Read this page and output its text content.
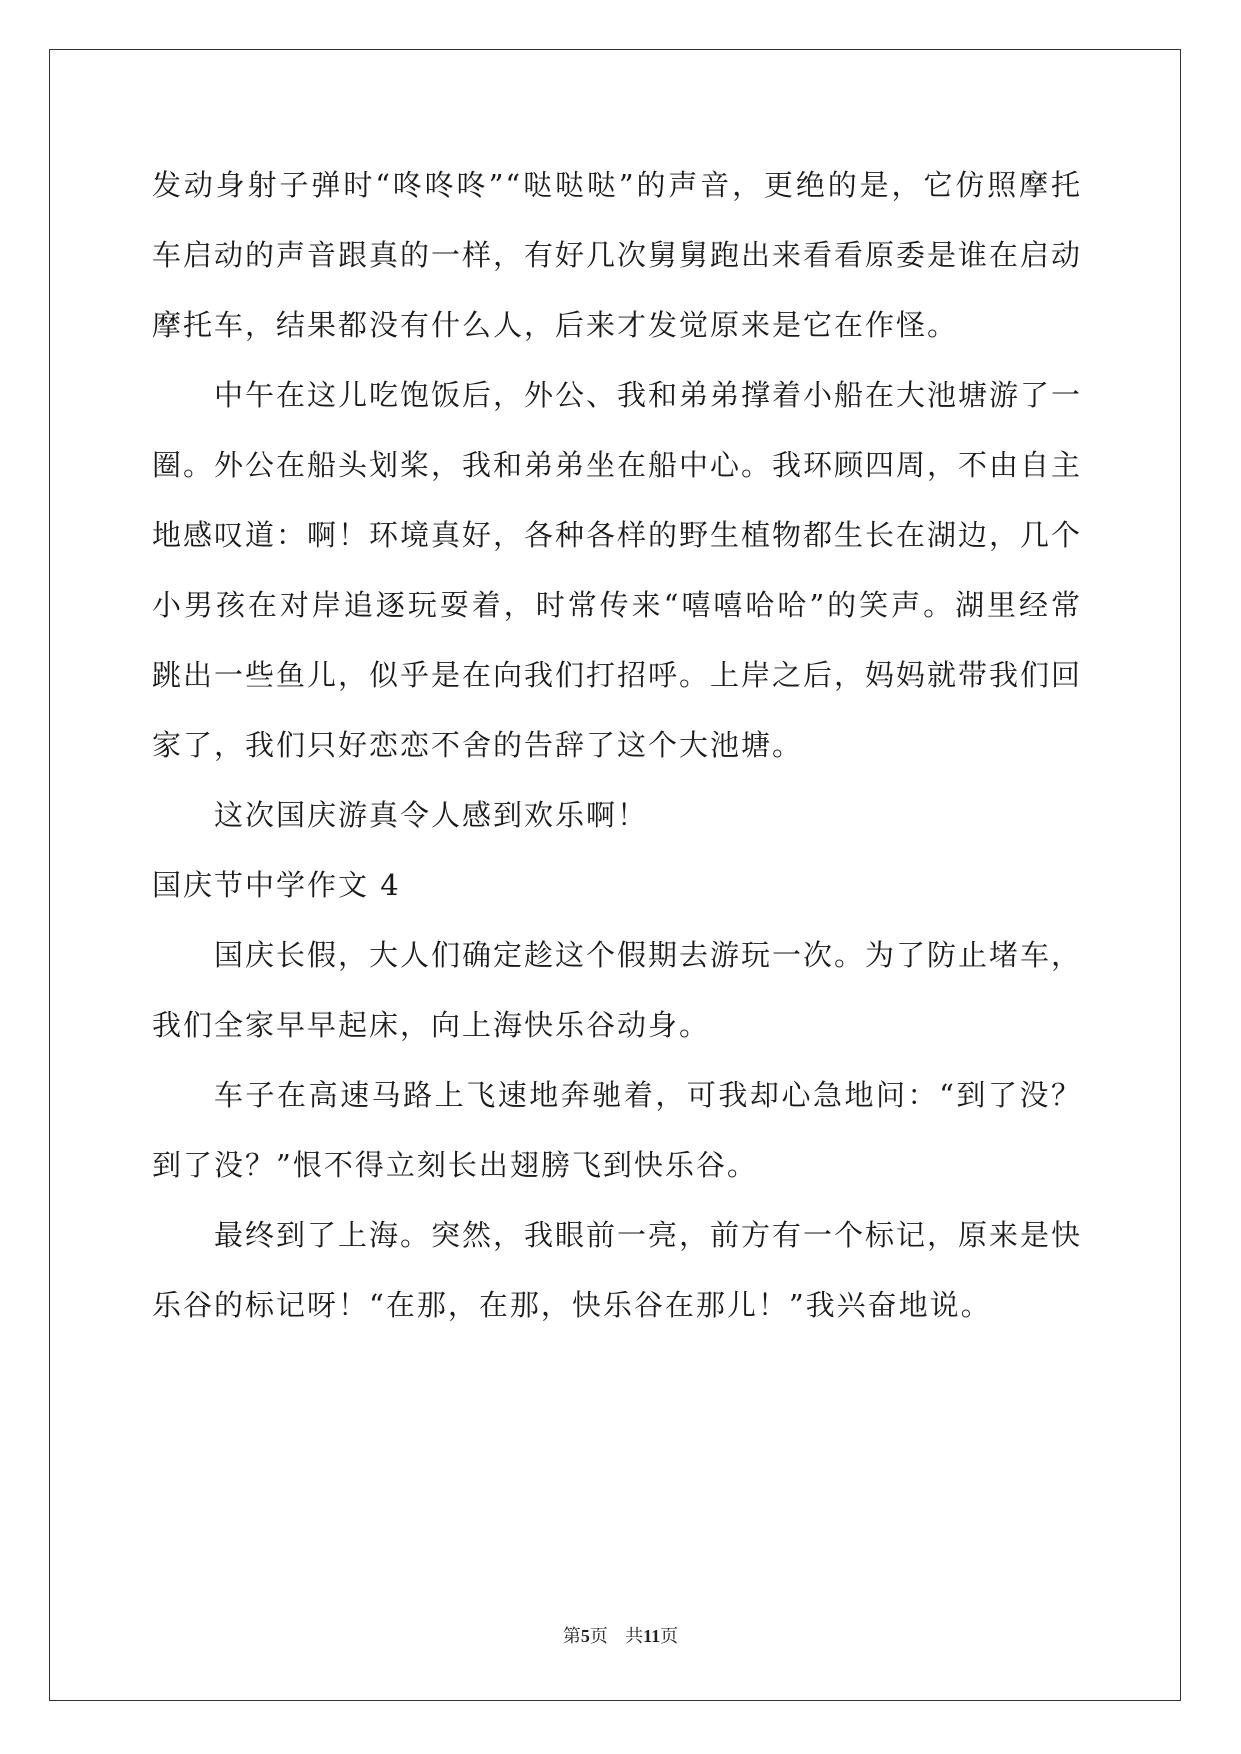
发动身射子弹时“咚咚咚”“哒哒哒”的声音，更绝的是，它仿照摩托车启动的声音跟真的一样，有好几次舅舅跑出来看看原委是谁在启动摩托车，结果都没有什么人，后来才发觉原来是它在作怪。

中午在这儿吃饱饭后，外公、我和弟弟撑着小船在大池塘游了一圈。外公在船头划桨，我和弟弟坐在船中心。我环顾四周，不由自主地感叹道：啊！环境真好，各种各样的野生植物都生长在湖边，几个小男孩在对岸追逐玩耍着，时常传来“嘻嘻哈哈”的笑声。湖里经常跳出一些鱼儿，似乎是在向我们打招呼。上岸之后，妈妈就带我们回家了，我们只好恋恋不舍的告辞了这个大池塘。

这次国庆游真令人感到欢乐啊！

国庆节中学作文 4

国庆长假，大人们确定趁这个假期去游玩一次。为了防止堵车，我们全家早早起床，向上海快乐谷动身。

车子在高速马路上飞速地奔驰着，可我却心急地问：“到了没？到了没？”恨不得立刻长出翅膀飞到快乐谷。

最终到了上海。突然，我眼前一亮，前方有一个标记，原来是快乐谷的标记呀！“在那，在那，快乐谷在那儿！”我兴奋地说。

第5页 共11页
